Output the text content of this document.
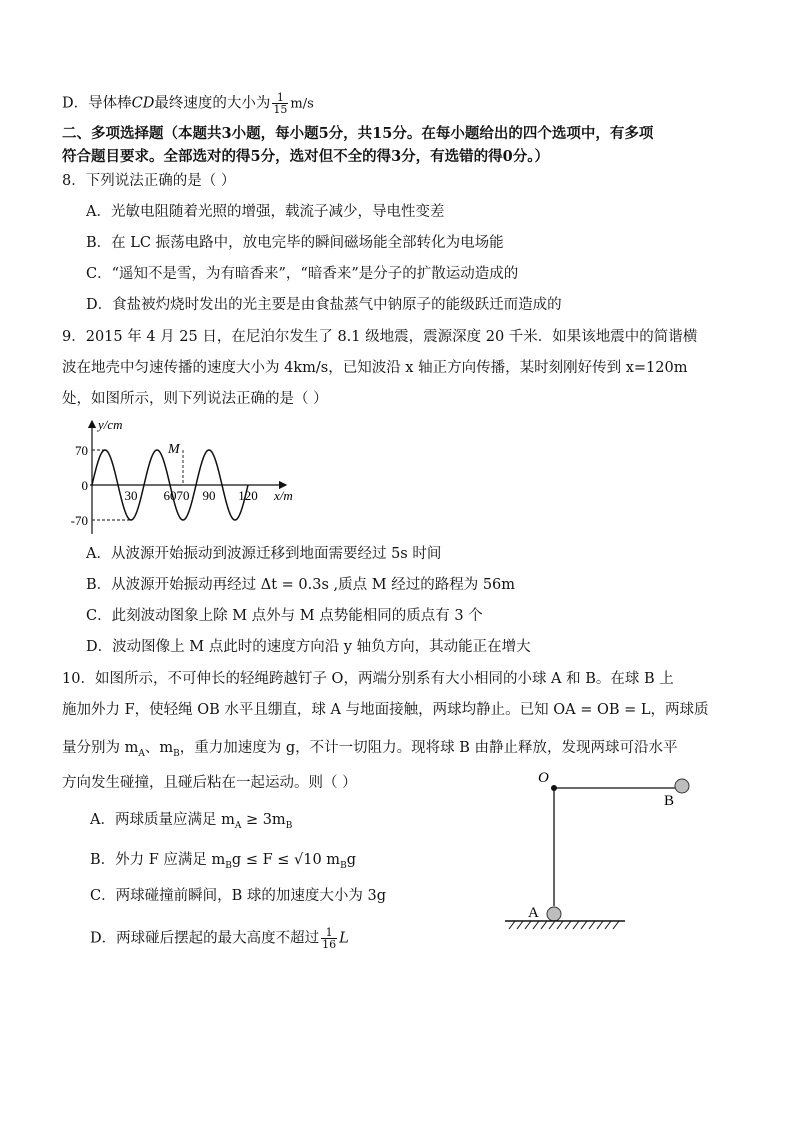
D．导体棒CD最终速度的大小为 $\frac{1}{15} m/s$
二、多项选择题（本题共3小题，每小题5分，共15分。在每小题给出的四个选项中，有多项
符合题目要求。全部选对的得5分，选对但不全的得3分，有选错的得0分。）
8．下列说法正确的是（ ）
A．光敏电阻随着光照的增强，载流子减少，导电性变差
B．在 LC 振荡电路中，放电完毕的瞬间磁场能全部转化为电场能
C．“遥知不是雪，为有暗香来”，“暗香来”是分子的扩散运动造成的
D．食盐被灼烧时发出的光主要是由食盐蒸气中钠原子的能级跃迁而造成的
9．2015 年 4 月 25 日，在尼泊尔发生了 8.1 级地震，震源深度 20 千米．如果该地震中的简谐横
波在地壳中匀速传播的速度大小为 4km/s，已知波沿 x 轴正方向传播，某时刻刚好传到 x=120m
处，如图所示，则下列说法正确的是（ ）
y/cm
x/m
70
0
-70
30 60 70 90 120
M
A．从波源开始振动到波源迁移到地面需要经过 5s 时间
B．从波源开始振动再经过 Δt = 0.3s ,质点 M 经过的路程为 56m
C．此刻波动图象上除 M 点外与 M 点势能相同的质点有 3 个
D．波动图像上 M 点此时的速度方向沿 y 轴负方向，其动能正在增大
10．如图所示，不可伸长的轻绳跨越钉子 O，两端分别系有大小相同的小球 A 和 B。在球 B 上
施加外力 F，使轻绳 OB 水平且绷直，球 A 与地面接触，两球均静止。已知 OA = OB = L，两球质
量分别为 $m_A$、$m_B$，重力加速度为 g，不计一切阻力。现将球 B 由静止释放，发现两球可沿水平
方向发生碰撞，且碰后粘在一起运动。则（ ）
A．两球质量应满足 $m_A \ge 3m_B$
B．外力 F 应满足 $m_Bg \le F \le √10$ $m_Bg$
C．两球碰撞前瞬间，B 球的加速度大小为 3g
D．两球碰后摆起的最大高度不超过 $\frac{1}{16}$ L
O
B
A
